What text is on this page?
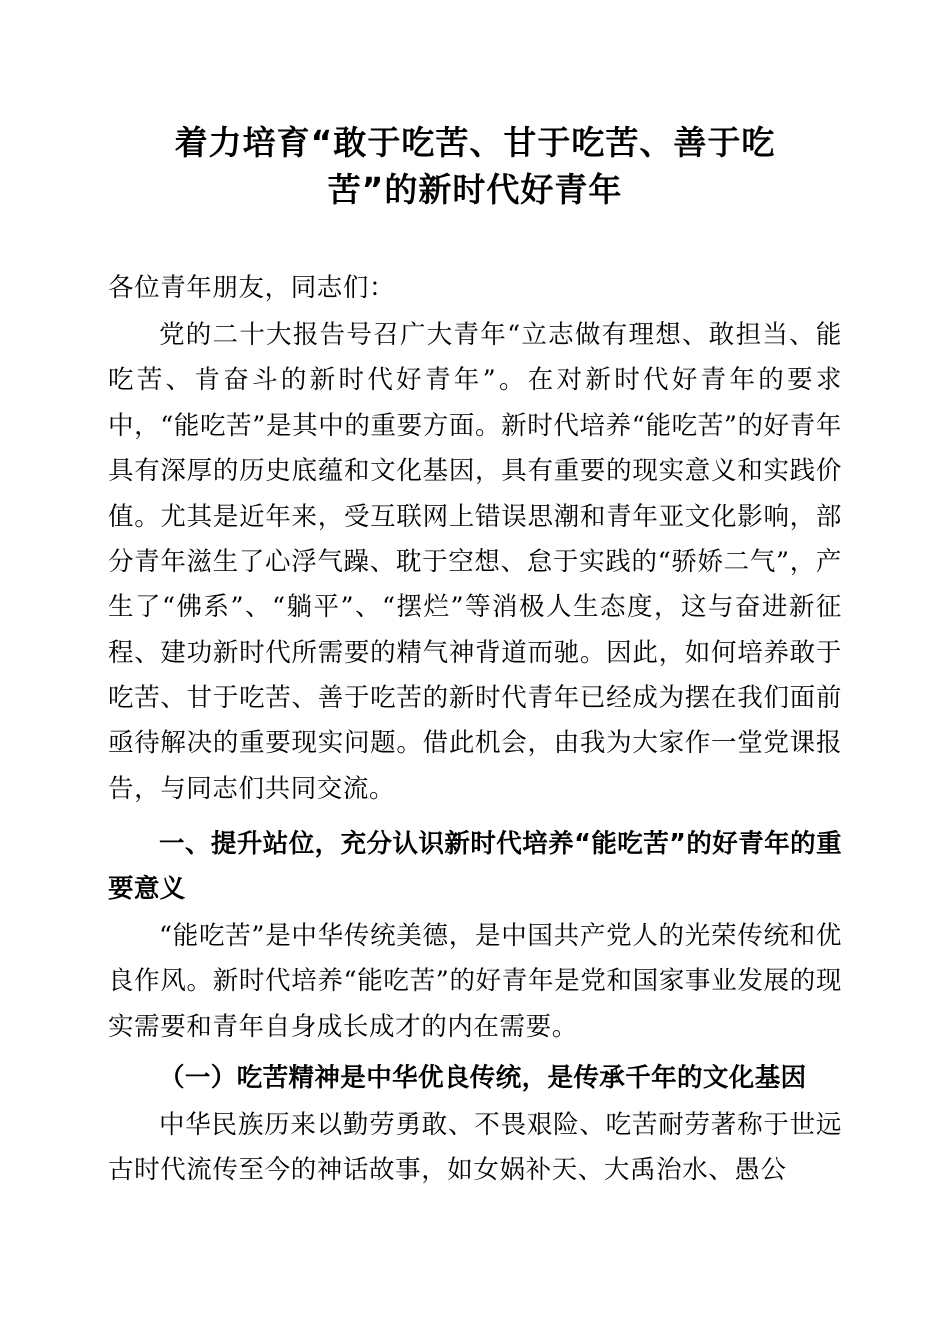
着力培育“敢于吃苦、甘于吃苦、善于吃苦”的新时代好青年

各位青年朋友，同志们：

党的二十大报告号召广大青年“立志做有理想、敢担当、能吃苦、肯奋斗的新时代好青年”。在对新时代好青年的要求中，“能吃苦”是其中的重要方面。新时代培养“能吃苦”的好青年具有深厚的历史底蕴和文化基因，具有重要的现实意义和实践价值。尤其是近年来，受互联网上错误思潮和青年亚文化影响，部分青年滋生了心浮气躁、耽于空想、怠于实践的“骄娇二气”，产生了“佛系”、“躺平”、“摆烂”等消极人生态度，这与奋进新征程、建功新时代所需要的精气神背道而驰。因此，如何培养敢于吃苦、甘于吃苦、善于吃苦的新时代青年已经成为摆在我们面前亟待解决的重要现实问题。借此机会，由我为大家作一堂党课报告，与同志们共同交流。

一、提升站位，充分认识新时代培养“能吃苦”的好青年的重要意义

“能吃苦”是中华传统美德，是中国共产党人的光荣传统和优良作风。新时代培养“能吃苦”的好青年是党和国家事业发展的现实需要和青年自身成长成才的内在需要。

（一）吃苦精神是中华优良传统，是传承千年的文化基因

中华民族历来以勤劳勇敢、不畏艰险、吃苦耐劳著称于世远古时代流传至今的神话故事，如女娲补天、大禹治水、愚公
